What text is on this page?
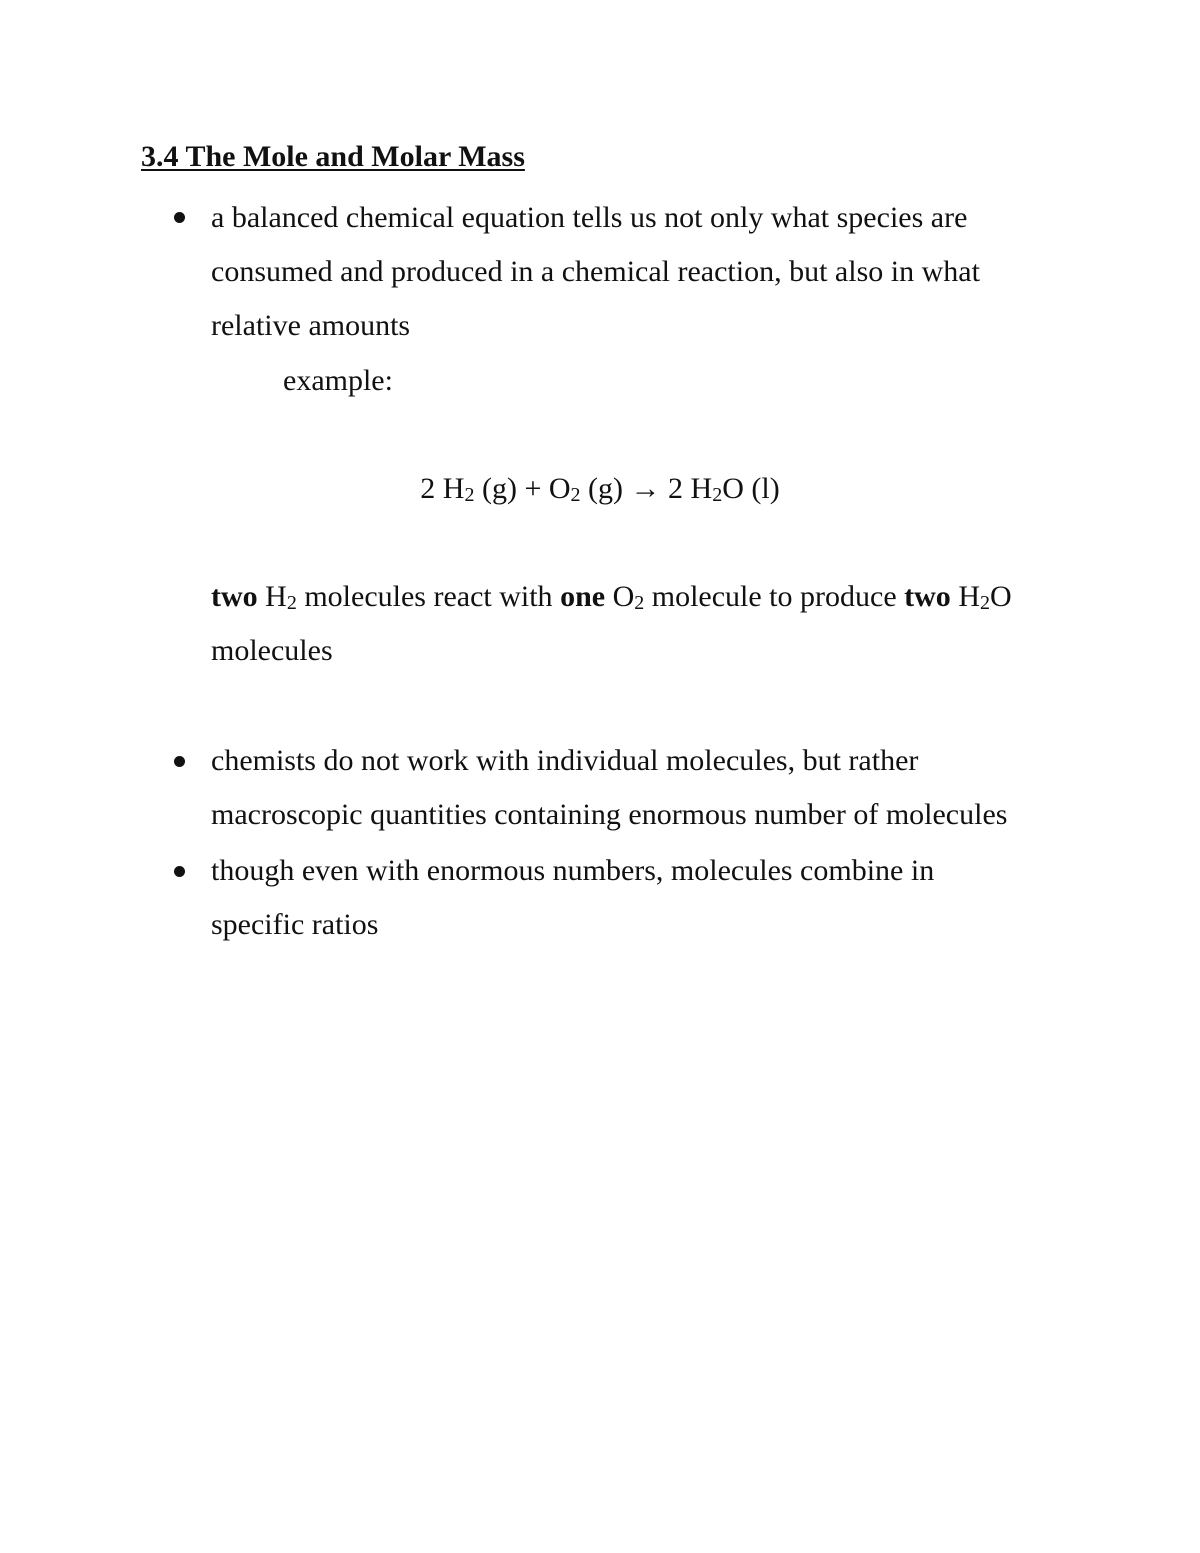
3.4 The Mole and Molar Mass
a balanced chemical equation tells us not only what species are
consumed and produced in a chemical reaction, but also in what
relative amounts
example:
2 $H_2$ $(g) + O_2$ (g) → 2 $H_2O$ (l)
two $H_2$ molecules react with one $O_2$ molecule to produce two $H_2O$
molecules
chemists do not work with individual molecules, but rather
macroscopic quantities containing enormous number of molecules
though even with enormous numbers, molecules combine in
specific ratios
